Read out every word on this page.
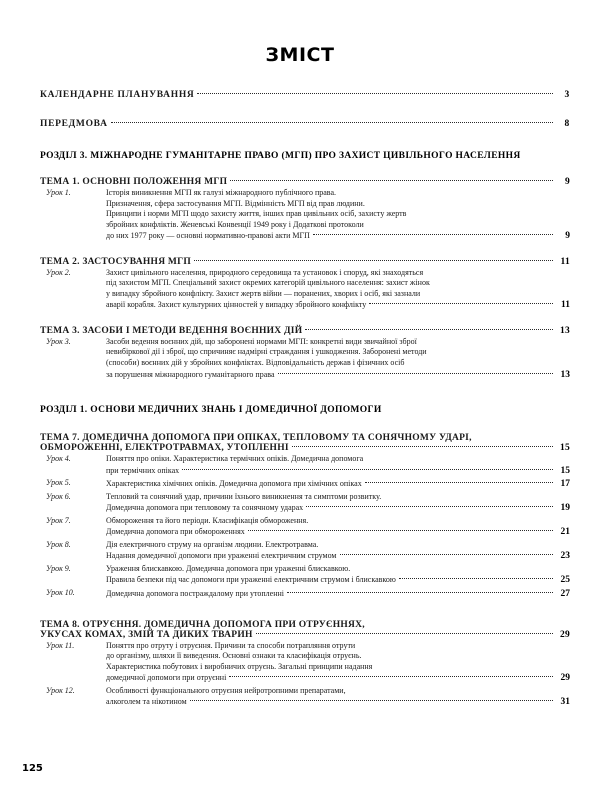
ЗМІСТ
КАЛЕНДАРНЕ ПЛАНУВАННЯ	3
ПЕРЕДМОВА	8
РОЗДІЛ 3. МІЖНАРОДНЕ ГУМАНІТАРНЕ ПРАВО (МГП) ПРО ЗАХИСТ ЦИВІЛЬНОГО НАСЕЛЕННЯ
ТЕМА 1. ОСНОВНІ ПОЛОЖЕННЯ МГП	9
Урок 1.	Історія виникнення МГП як галузі міжнародного публічного права.
Призначення, сфера застосування МГП. Відмінність МГП від прав людини.
Принципи і норми МГП щодо захисту життя, інших прав цивільних осіб, захисту жертв
збройних конфліктів. Женевські Конвенції 1949 року і Додаткові протоколи
до них 1977 року — основні нормативно-правові акти МГП	9
ТЕМА 2. ЗАСТОСУВАННЯ МГП	11
Урок 2.	Захист цивільного населення, природного середовища та установок і споруд, які знаходяться
під захистом МГП. Спеціальний захист окремих категорій цивільного населення: захист жінок
у випадку збройного конфлікту. Захист жертв війни — поранених, хворих і осіб, які зазнали
аварії корабля. Захист культурних цінностей у випадку збройного конфлікту	11
ТЕМА 3. ЗАСОБИ І МЕТОДИ ВЕДЕННЯ ВОЄННИХ ДІЙ	13
Урок 3.	Засоби ведення воєнних дій, що заборонені нормами МГП: конкретні види звичайної зброї
невибіркової дії і зброї, що спричиняє надмірні страждання і ушкодження. Заборонені методи
(способи) воєнних дій у збройних конфліктах. Відповідальність держав і фізичних осіб
за порушення міжнародного гуманітарного права	13
РОЗДІЛ 1. ОСНОВИ МЕДИЧНИХ ЗНАНЬ І ДОМЕДИЧНОЇ ДОПОМОГИ
ТЕМА 7. ДОМЕДИЧНА ДОПОМОГА ПРИ ОПІКАХ, ТЕПЛОВОМУ ТА СОНЯЧНОМУ УДАРІ,
ОБМОРОЖЕННІ, ЕЛЕКТРОТРАВМАХ, УТОПЛЕННІ	15
Урок 4.	Поняття про опіки. Характеристика термічних опіків. Домедична допомога
при термічних опіках	15
Урок 5.	Характеристика хімічних опіків. Домедична допомога при хімічних опіках	17
Урок 6.	Тепловий та сонячний удар, причини їхнього виникнення та симптоми розвитку.
Домедична допомога при тепловому та сонячному ударах	19
Урок 7.	Обмороження та його періоди. Класифікація обмороження.
Домедична допомога при обмороженнях	21
Урок 8.	Дія електричного струму на організм людини. Електротравма.
Надання домедичної допомоги при ураженні електричним струмом	23
Урок 9.	Ураження блискавкою. Домедична допомога при ураженні блискавкою.
Правила безпеки під час допомоги при ураженні електричним струмом і блискавкою	25
Урок 10.	Домедична допомога постраждалому при утопленні	27
ТЕМА 8. ОТРУЄННЯ. ДОМЕДИЧНА ДОПОМОГА ПРИ ОТРУЄННЯХ,
УКУСАХ КОМАХ, ЗМІЙ ТА ДИКИХ ТВАРИН	29
Урок 11.	Поняття про отруту і отруєння. Причини та способи потрапляння отрути
до організму, шляхи її виведення. Основні ознаки та класифікація отруєнь.
Характеристика побутових і виробничих отруєнь. Загальні принципи надання
домедичної допомоги при отруєнні	29
Урок 12.	Особливості функціонального отруєння нейротропними препаратами,
алкоголем та нікотином	31
125
